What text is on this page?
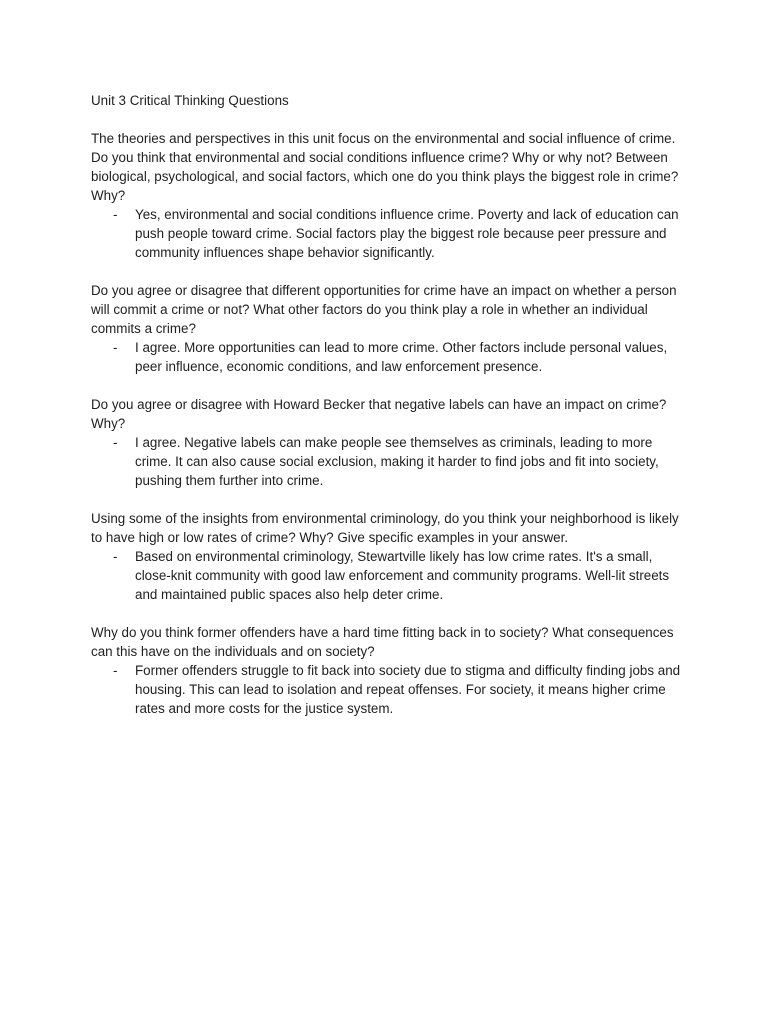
Unit 3 Critical Thinking Questions

The theories and perspectives in this unit focus on the environmental and social influence of crime. Do you think that environmental and social conditions influence crime? Why or why not? Between biological, psychological, and social factors, which one do you think plays the biggest role in crime? Why?

- Yes, environmental and social conditions influence crime. Poverty and lack of education can push people toward crime. Social factors play the biggest role because peer pressure and community influences shape behavior significantly.

Do you agree or disagree that different opportunities for crime have an impact on whether a person will commit a crime or not? What other factors do you think play a role in whether an individual commits a crime?

- I agree. More opportunities can lead to more crime. Other factors include personal values, peer influence, economic conditions, and law enforcement presence.

Do you agree or disagree with Howard Becker that negative labels can have an impact on crime? Why?

- I agree. Negative labels can make people see themselves as criminals, leading to more crime. It can also cause social exclusion, making it harder to find jobs and fit into society, pushing them further into crime.

Using some of the insights from environmental criminology, do you think your neighborhood is likely to have high or low rates of crime? Why? Give specific examples in your answer.

- Based on environmental criminology, Stewartville likely has low crime rates. It's a small, close-knit community with good law enforcement and community programs. Well-lit streets and maintained public spaces also help deter crime.

Why do you think former offenders have a hard time fitting back in to society? What consequences can this have on the individuals and on society?

- Former offenders struggle to fit back into society due to stigma and difficulty finding jobs and housing. This can lead to isolation and repeat offenses. For society, it means higher crime rates and more costs for the justice system.
